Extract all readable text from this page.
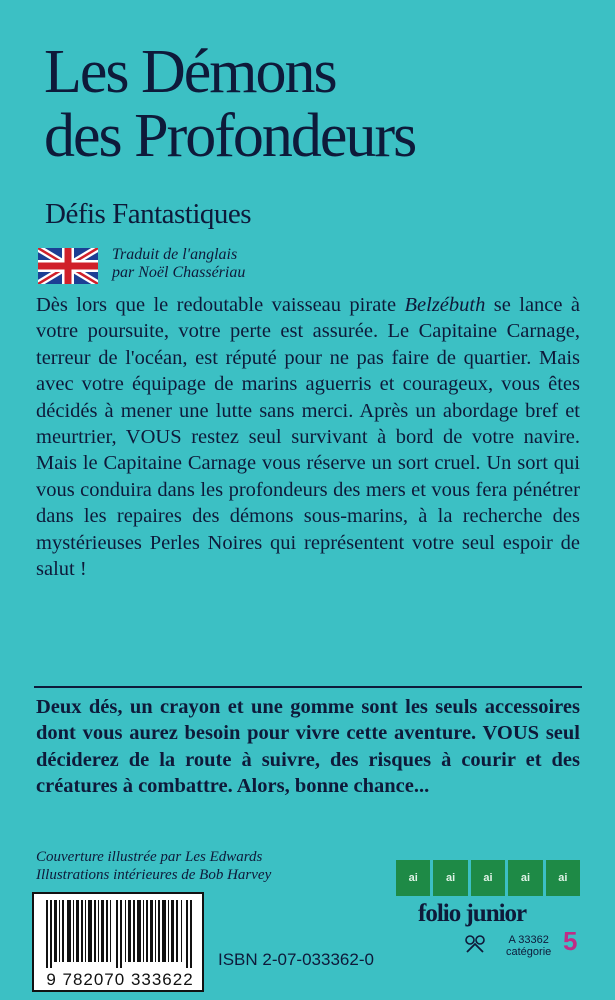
Les Démons
des Profondeurs
Défis Fantastiques
Traduit de l'anglais
par Noël Chassériau
Dès lors que le redoutable vaisseau pirate Belzébuth se lance à votre poursuite, votre perte est assurée. Le Capitaine Carnage, terreur de l'océan, est réputé pour ne pas faire de quartier. Mais avec votre équipage de marins aguerris et courageux, vous êtes décidés à mener une lutte sans merci. Après un abordage bref et meurtrier, VOUS restez seul survivant à bord de votre navire. Mais le Capitaine Carnage vous réserve un sort cruel. Un sort qui vous conduira dans les profondeurs des mers et vous fera pénétrer dans les repaires des démons sous-marins, à la recherche des mystérieuses Perles Noires qui représentent votre seul espoir de salut !
Deux dés, un crayon et une gomme sont les seuls accessoires dont vous aurez besoin pour vivre cette aventure. VOUS seul déciderez de la route à suivre, des risques à courir et des créatures à combattre. Alors, bonne chance...
Couverture illustrée par Les Edwards
Illustrations intérieures de Bob Harvey	ai	ai	ai	ai	ai
folio junior
A 33362
catégorie 5
9 782070 333622
ISBN 2-07-033362-0
